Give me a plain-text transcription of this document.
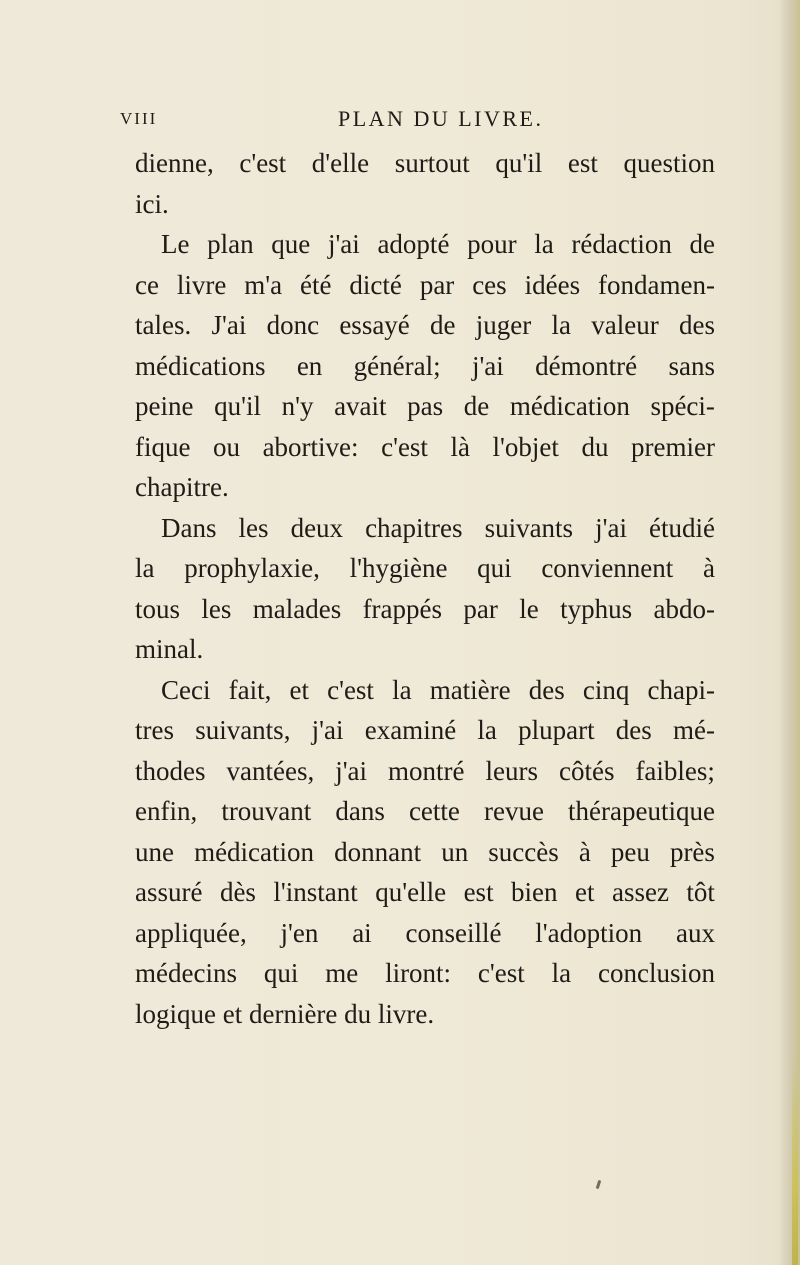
VIII	PLAN DU LIVRE.
dienne, c'est d'elle surtout qu'il est question
ici.
Le plan que j'ai adopté pour la rédaction de
ce livre m'a été dicté par ces idées fondamen-
tales. J'ai donc essayé de juger la valeur des
médications en général; j'ai démontré sans
peine qu'il n'y avait pas de médication spéci-
fique ou abortive: c'est là l'objet du premier
chapitre.
Dans les deux chapitres suivants j'ai étudié
la prophylaxie, l'hygiène qui conviennent à
tous les malades frappés par le typhus abdo-
minal.
Ceci fait, et c'est la matière des cinq chapi-
tres suivants, j'ai examiné la plupart des mé-
thodes vantées, j'ai montré leurs côtés faibles;
enfin, trouvant dans cette revue thérapeutique
une médication donnant un succès à peu près
assuré dès l'instant qu'elle est bien et assez tôt
appliquée, j'en ai conseillé l'adoption aux
médecins qui me liront: c'est la conclusion
logique et dernière du livre.
